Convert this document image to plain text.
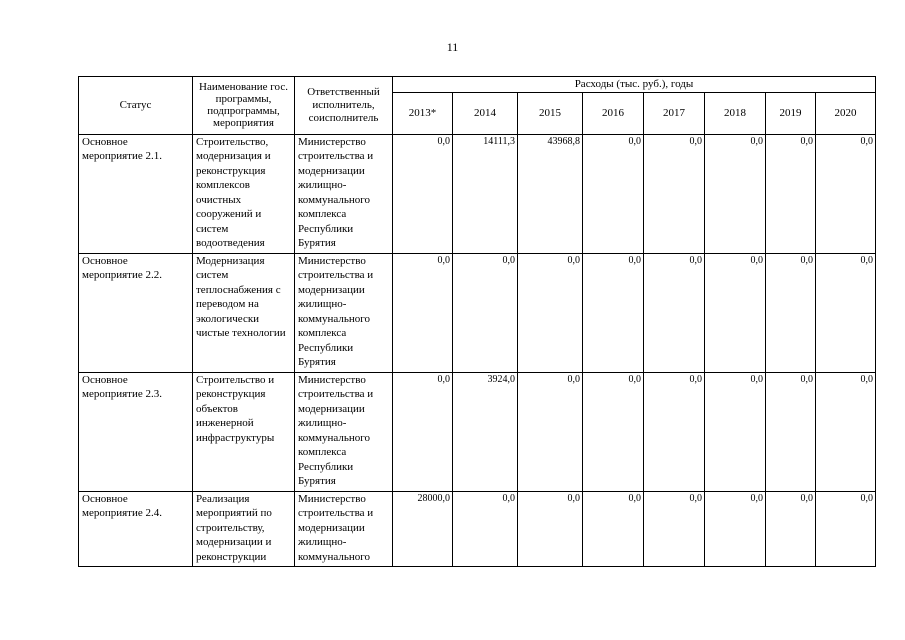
11
Статус	Наименование гос. программы, подпрограммы, мероприятия	Ответственный исполнитель, соисполнитель	Расходы (тыс. руб.), годы							
			2013*	2014	2015	2016	2017	2018	2019	2020
Основное мероприятие 2.1.	Строительство, модернизация и реконструкция комплексов очистных сооружений и систем водоотведения	Министерство строительства и модернизации жилищно-коммунального комплекса Республики Бурятия	0,0	14111,3	43968,8	0,0	0,0	0,0	0,0	0,0
Основное мероприятие 2.2.	Модернизация систем теплоснабжения с переводом на экологически чистые технологии	Министерство строительства и модернизации жилищно-коммунального комплекса Республики Бурятия	0,0	0,0	0,0	0,0	0,0	0,0	0,0	0,0
Основное мероприятие 2.3.	Строительство и реконструкция объектов инженерной инфраструктуры	Министерство строительства и модернизации жилищно-коммунального комплекса Республики Бурятия	0,0	3924,0	0,0	0,0	0,0	0,0	0,0	0,0
Основное мероприятие 2.4.	Реализация мероприятий по строительству, модернизации и реконструкции	Министерство строительства и модернизации жилищно-коммунального	28000,0	0,0	0,0	0,0	0,0	0,0	0,0	0,0
